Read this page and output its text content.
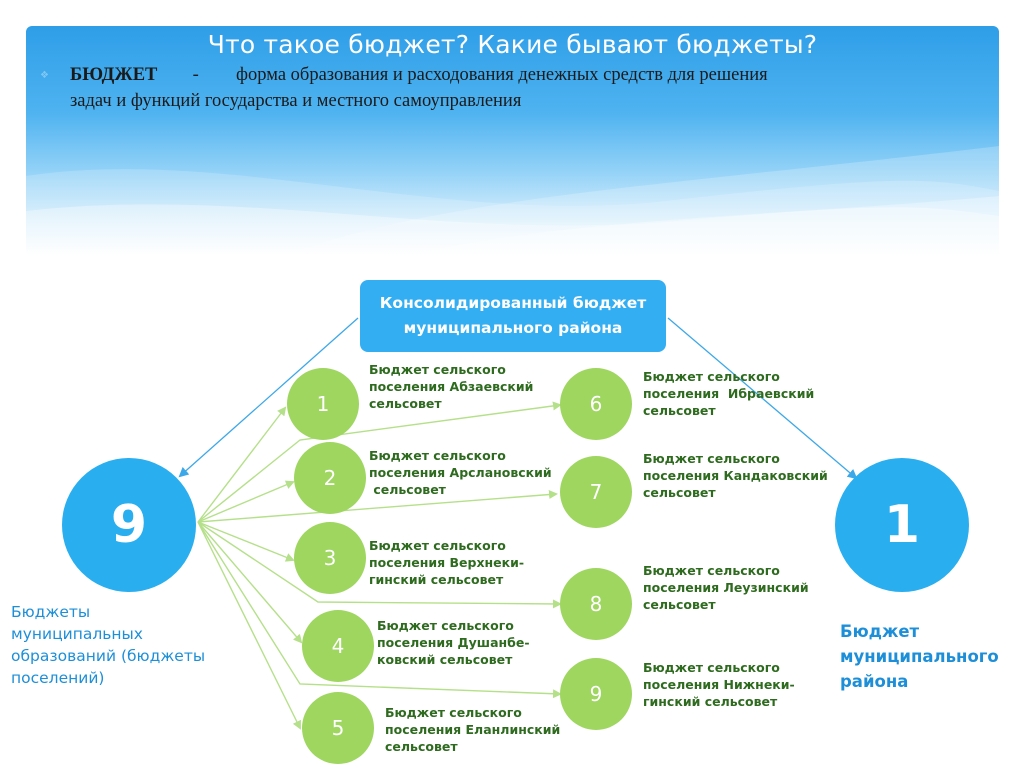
Что такое бюджет? Какие бывают бюджеты?
❖ БЮДЖЕТ - форма образования и расходования денежных средств для решения
задач и функций государства и местного самоуправления
Консолидированный бюджет
муниципального района
9	1
Бюджеты
муниципальных
образований (бюджеты
поселений)
Бюджет
муниципального
района
1
2
3
4
5
6
7
8
9
Бюджет сельского
поселения Абзаевский
сельсовет
Бюджет сельского
поселения Арслановский
сельсовет
Бюджет сельского
поселения Верхнеки-
гинский сельсовет
Бюджет сельского
поселения Душанбе-
ковский сельсовет
Бюджет сельского
поселения Еланлинский
сельсовет
Бюджет сельского
поселения  Ибраевский
сельсовет
Бюджет сельского
поселения Кандаковский
сельсовет
Бюджет сельского
поселения Леузинский
сельсовет
Бюджет сельского
поселения Нижнеки-
гинский сельсовет
